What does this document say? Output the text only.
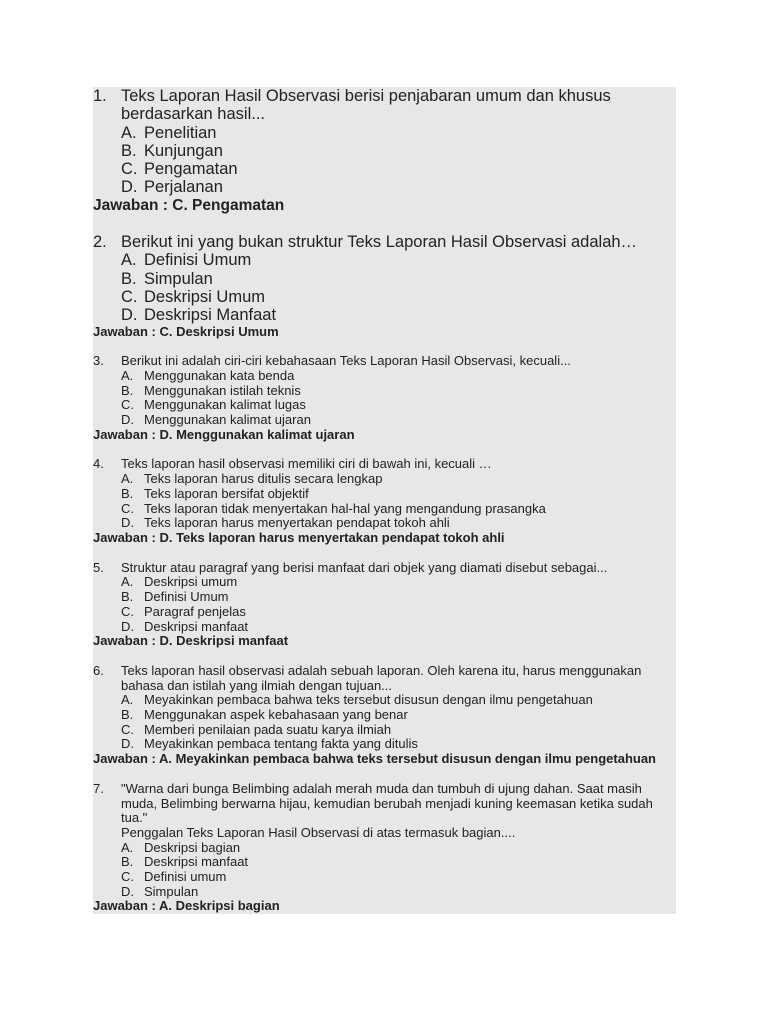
1. Teks Laporan Hasil Observasi berisi penjabaran umum dan khusus berdasarkan hasil...
A. Penelitian
B. Kunjungan
C. Pengamatan
D. Perjalanan
Jawaban : C. Pengamatan
2. Berikut ini yang bukan struktur Teks Laporan Hasil Observasi adalah…
A. Definisi Umum
B. Simpulan
C. Deskripsi Umum
D. Deskripsi Manfaat
Jawaban : C. Deskripsi Umum
3.	Berikut ini adalah ciri-ciri kebahasaan Teks Laporan Hasil Observasi, kecuali...
A. Menggunakan kata benda
B. Menggunakan istilah teknis
C. Menggunakan kalimat lugas
D. Menggunakan kalimat ujaran
Jawaban : D. Menggunakan kalimat ujaran
4.	Teks laporan hasil observasi memiliki ciri di bawah ini, kecuali …
A. Teks laporan harus ditulis secara lengkap
B. Teks laporan bersifat objektif
C. Teks laporan tidak menyertakan hal-hal yang mengandung prasangka
D. Teks laporan harus menyertakan pendapat tokoh ahli
Jawaban : D. Teks laporan harus menyertakan pendapat tokoh ahli
5.	Struktur atau paragraf yang berisi manfaat dari objek yang diamati disebut sebagai...
A. Deskripsi umum
B. Definisi Umum
C. Paragraf penjelas
D. Deskripsi manfaat
Jawaban : D. Deskripsi manfaat
6.	Teks laporan hasil observasi adalah sebuah laporan. Oleh karena itu, harus menggunakan bahasa dan istilah yang ilmiah dengan tujuan...
A. Meyakinkan pembaca bahwa teks tersebut disusun dengan ilmu pengetahuan
B. Menggunakan aspek kebahasaan yang benar
C. Memberi penilaian pada suatu karya ilmiah
D. Meyakinkan pembaca tentang fakta yang ditulis
Jawaban : A. Meyakinkan pembaca bahwa teks tersebut disusun dengan ilmu pengetahuan
7.	"Warna dari bunga Belimbing adalah merah muda dan tumbuh di ujung dahan. Saat masih muda, Belimbing berwarna hijau, kemudian berubah menjadi kuning keemasan ketika sudah tua."
Penggalan Teks Laporan Hasil Observasi di atas termasuk bagian....
A. Deskripsi bagian
B. Deskripsi manfaat
C. Definisi umum
D. Simpulan
Jawaban : A. Deskripsi bagian
